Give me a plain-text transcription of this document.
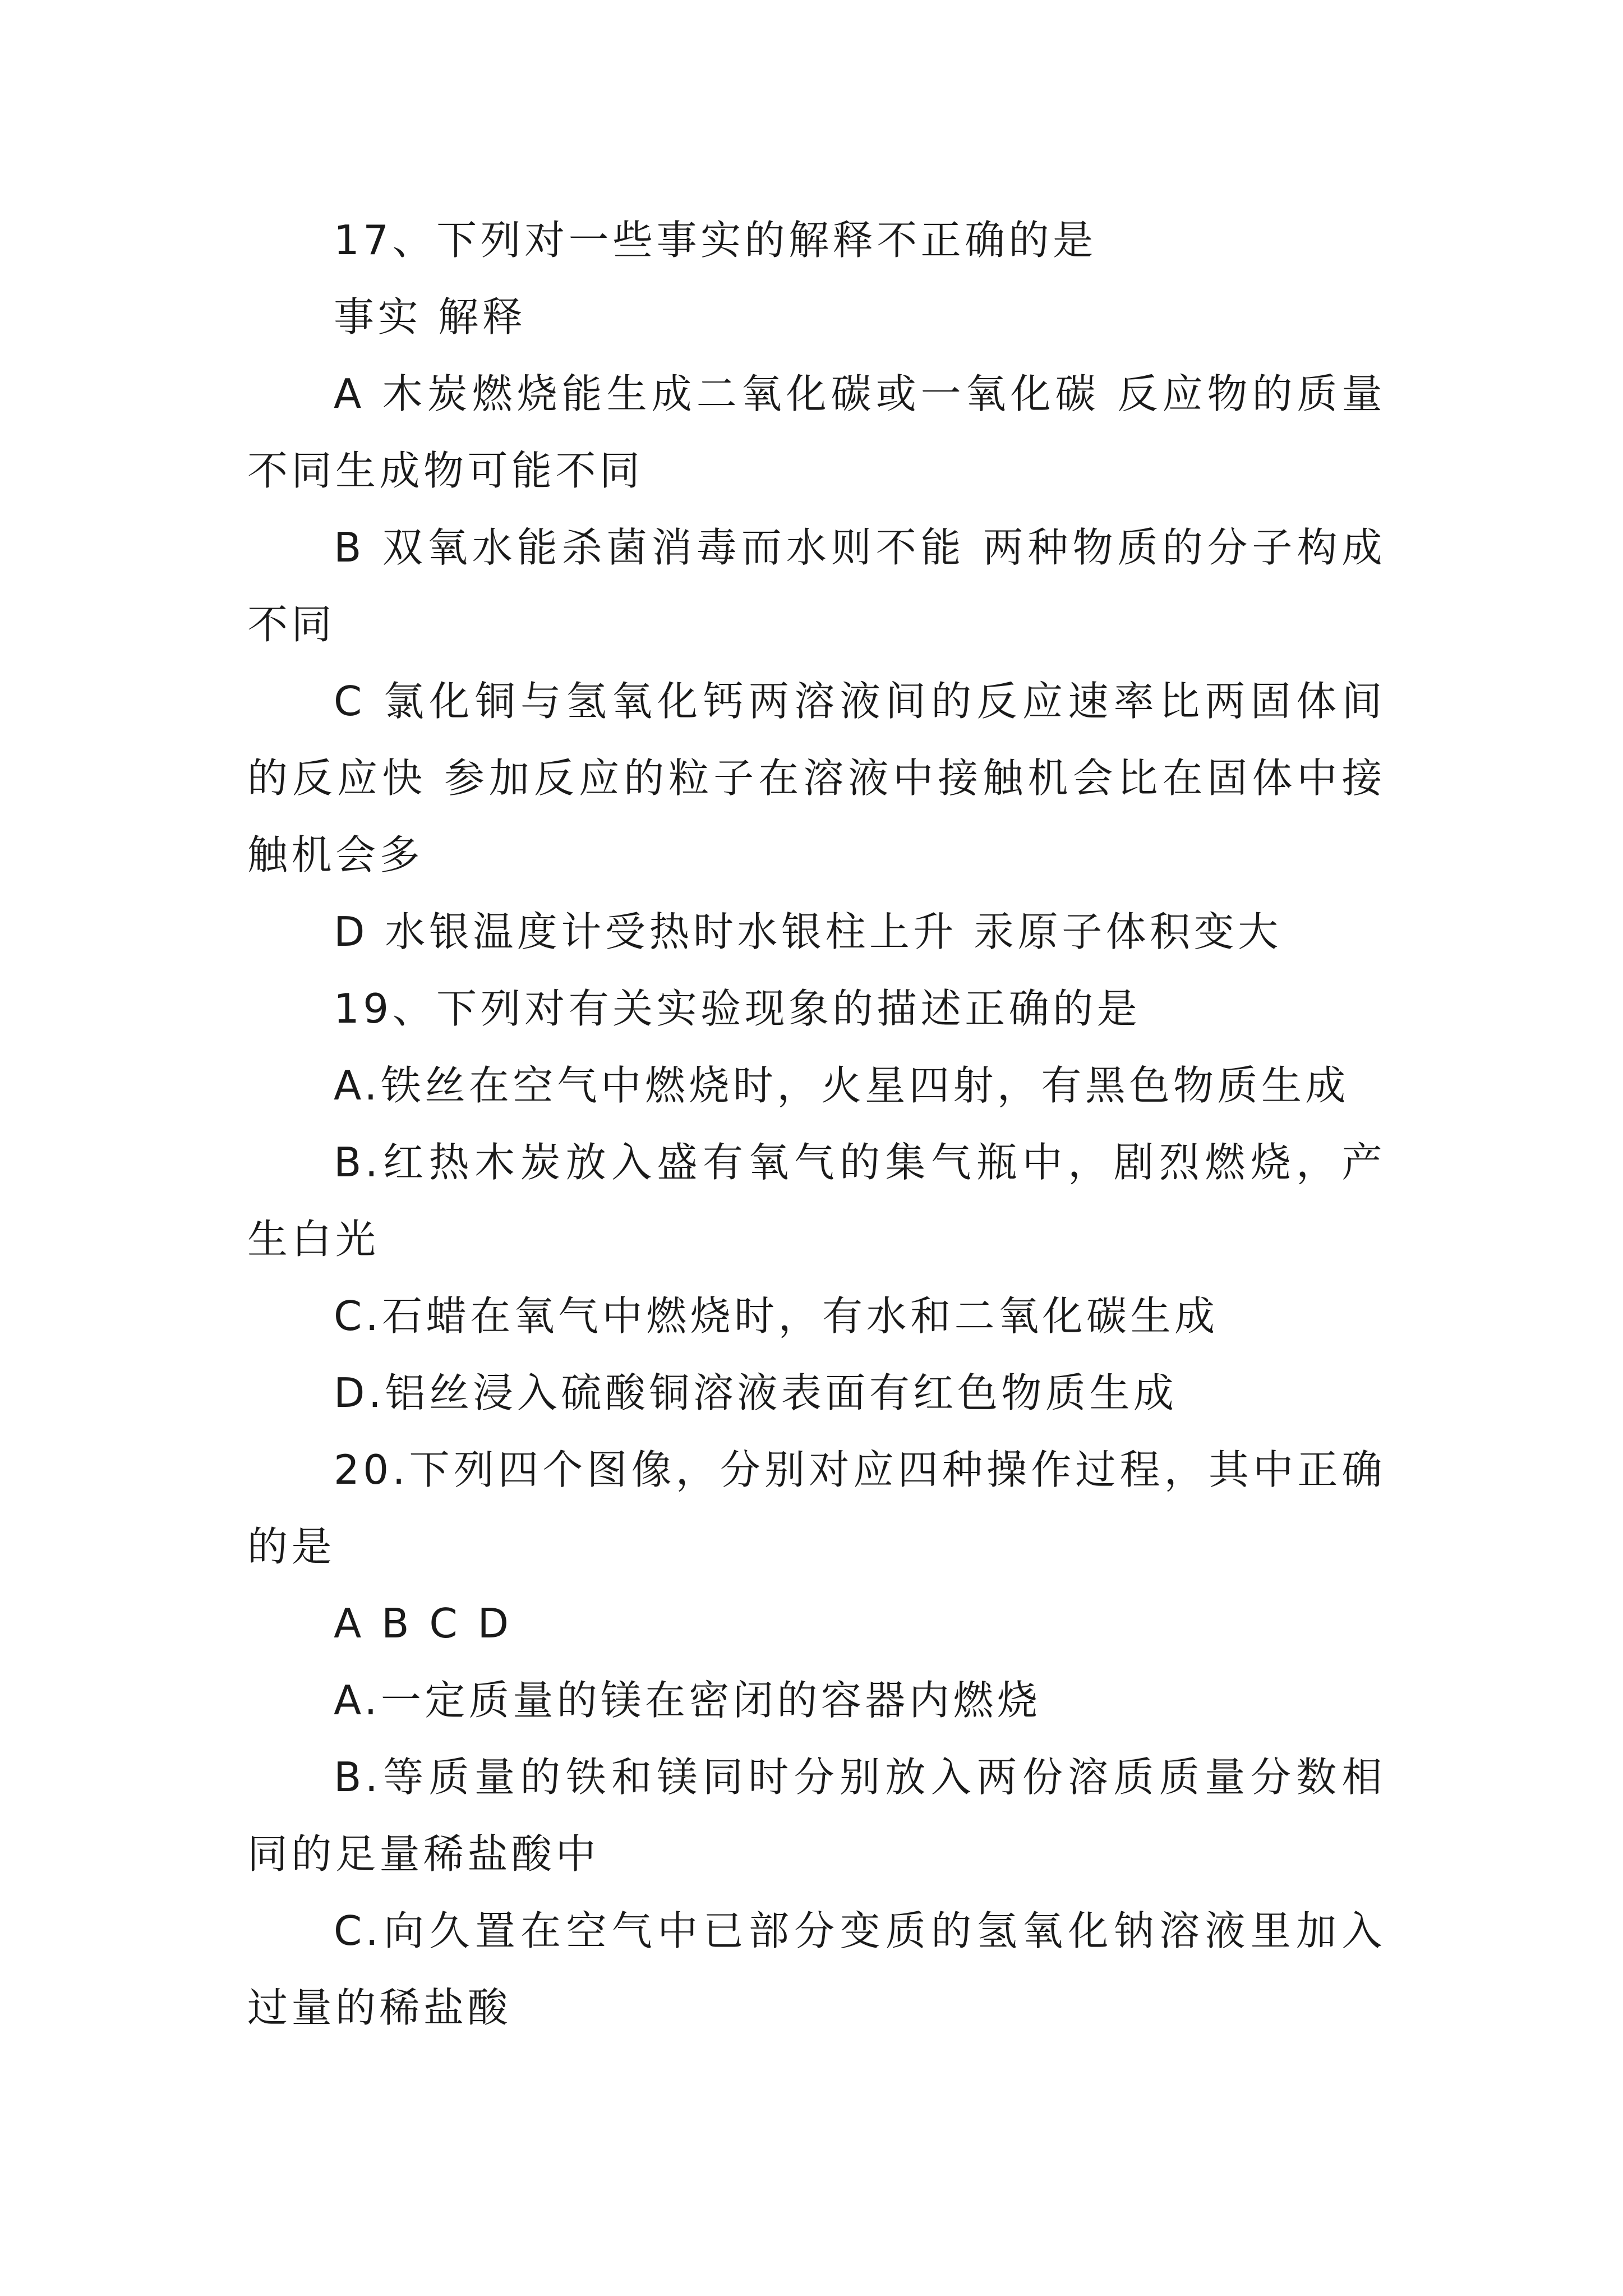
17、下列对一些事实的解释不正确的是

事实 解释

A 木炭燃烧能生成二氧化碳或一氧化碳 反应物的质量不同生成物可能不同

B 双氧水能杀菌消毒而水则不能 两种物质的分子构成不同

C 氯化铜与氢氧化钙两溶液间的反应速率比两固体间的反应快 参加反应的粒子在溶液中接触机会比在固体中接触机会多

D 水银温度计受热时水银柱上升 汞原子体积变大

19、下列对有关实验现象的描述正确的是

A.铁丝在空气中燃烧时，火星四射，有黑色物质生成

B.红热木炭放入盛有氧气的集气瓶中，剧烈燃烧，产生白光

C.石蜡在氧气中燃烧时，有水和二氧化碳生成

D.铝丝浸入硫酸铜溶液表面有红色物质生成

20.下列四个图像，分别对应四种操作过程，其中正确的是

A B C D

A.一定质量的镁在密闭的容器内燃烧

B.等质量的铁和镁同时分别放入两份溶质质量分数相同的足量稀盐酸中

C.向久置在空气中已部分变质的氢氧化钠溶液里加入过量的稀盐酸
